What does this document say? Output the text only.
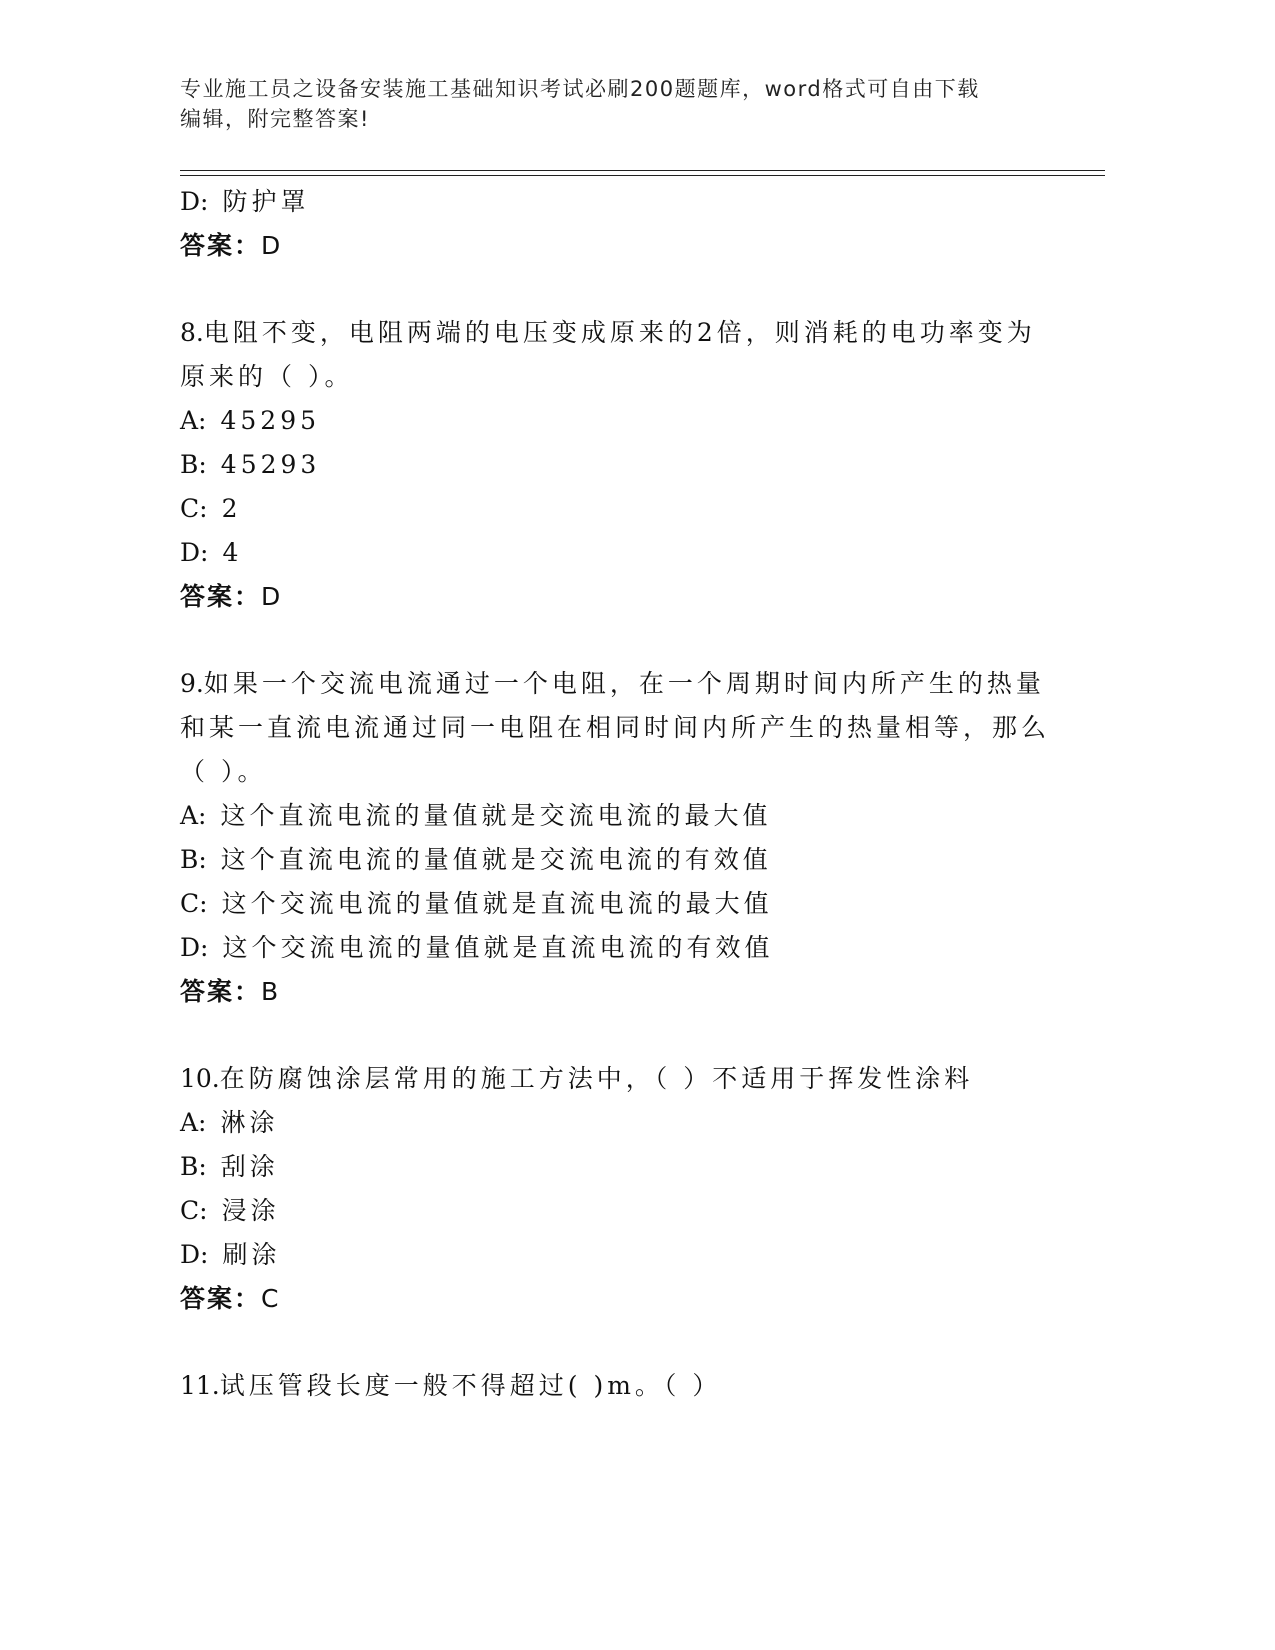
专业施工员之设备安装施工基础知识考试必刷200题题库，word格式可自由下载
编辑，附完整答案!
D: 防护罩
答案：D
8.电阻不变，电阻两端的电压变成原来的2倍，则消耗的电功率变为
原来的（ ）。
A: 45295
B: 45293
C: 2
D: 4
答案：D
9.如果一个交流电流通过一个电阻，在一个周期时间内所产生的热量
和某一直流电流通过同一电阻在相同时间内所产生的热量相等，那么
（ ）。
A: 这个直流电流的量值就是交流电流的最大值
B: 这个直流电流的量值就是交流电流的有效值
C: 这个交流电流的量值就是直流电流的最大值
D: 这个交流电流的量值就是直流电流的有效值
答案：B
10.在防腐蚀涂层常用的施工方法中，（ ）不适用于挥发性涂料
A: 淋涂
B: 刮涂
C: 浸涂
D: 刷涂
答案：C
11.试压管段长度一般不得超过( )m。（ ）
